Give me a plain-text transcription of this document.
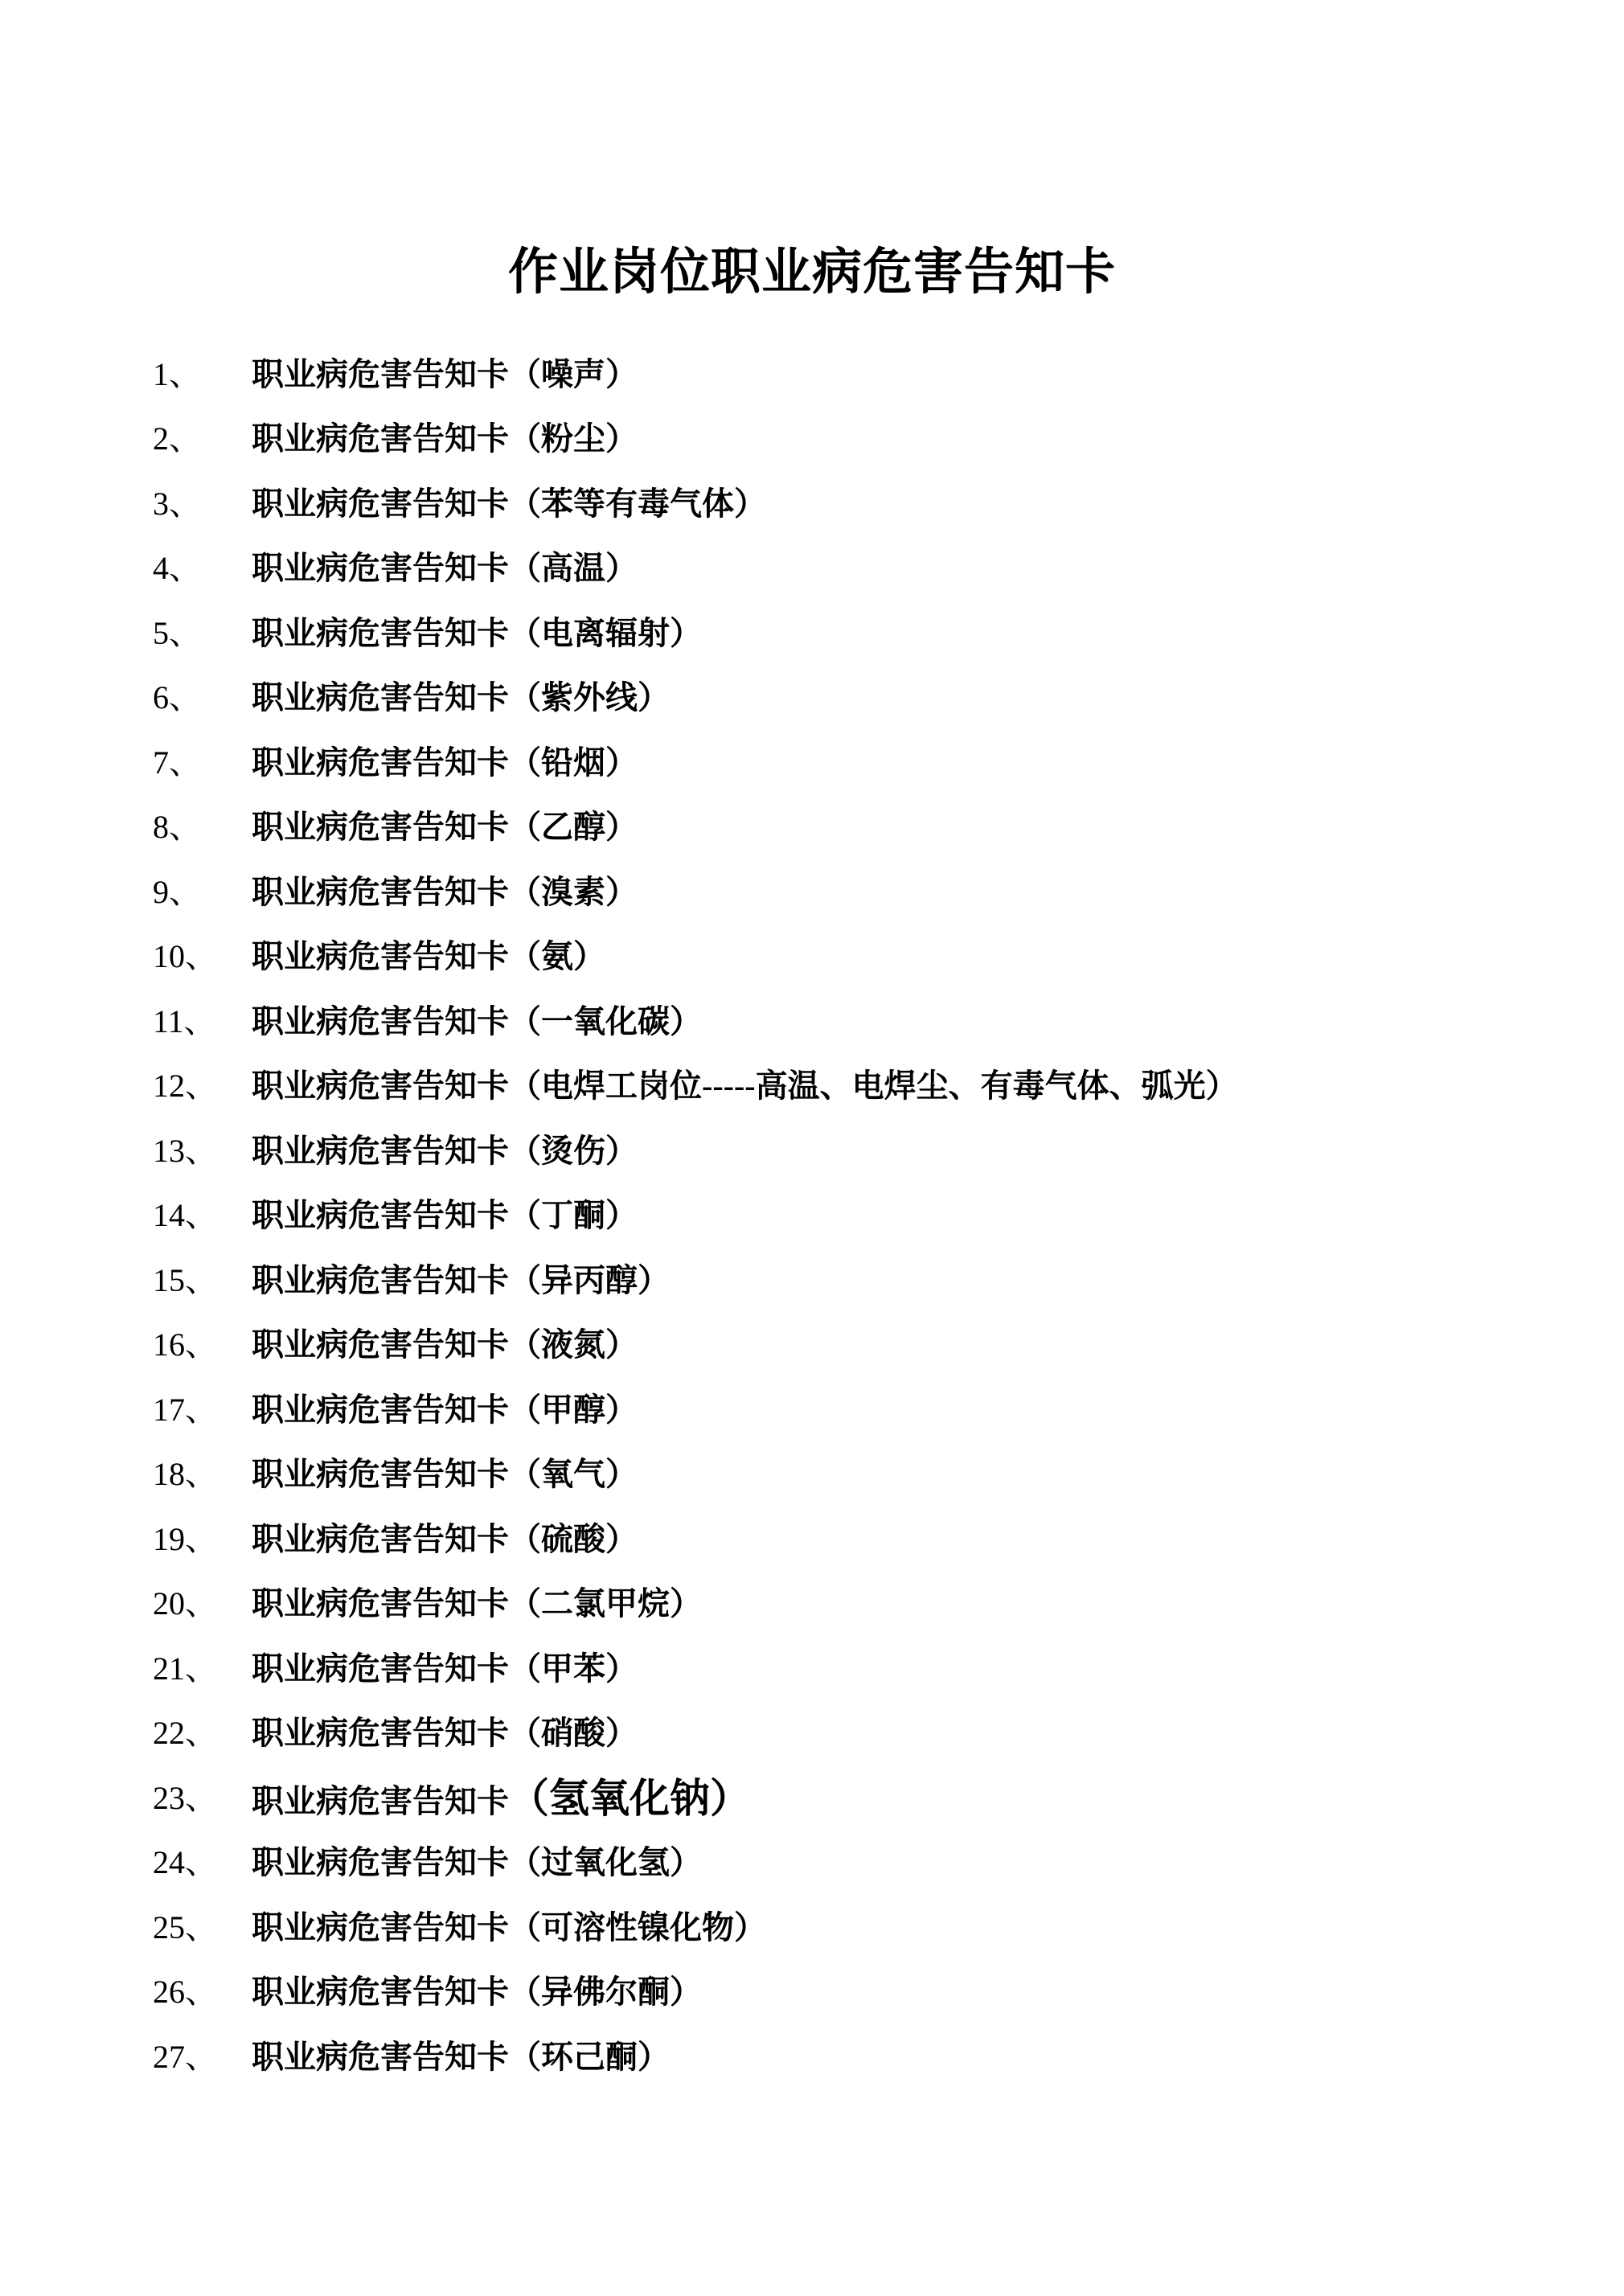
作业岗位职业病危害告知卡
1、	职业病危害告知卡（噪声）
2、	职业病危害告知卡（粉尘）
3、	职业病危害告知卡（苯等有毒气体）
4、	职业病危害告知卡（高温）
5、	职业病危害告知卡（电离辐射）
6、	职业病危害告知卡（紫外线）
7、	职业病危害告知卡（铅烟）
8、	职业病危害告知卡（乙醇）
9、	职业病危害告知卡（溴素）
10、	职业病危害告知卡（氨）
11、	职业病危害告知卡（一氧化碳）
12、	职业病危害告知卡（电焊工岗位-----高温、电焊尘、有毒气体、弧光）
13、	职业病危害告知卡（烫伤）
14、	职业病危害告知卡（丁酮）
15、	职业病危害告知卡（异丙醇）
16、	职业病危害告知卡（液氮）
17、	职业病危害告知卡（甲醇）
18、	职业病危害告知卡（氧气）
19、	职业病危害告知卡（硫酸）
20、	职业病危害告知卡（二氯甲烷）
21、	职业病危害告知卡（甲苯）
22、	职业病危害告知卡（硝酸）
23、	职业病危害告知卡（氢氧化钠）
24、	职业病危害告知卡（过氧化氢）
25、	职业病危害告知卡（可溶性镍化物）
26、	职业病危害告知卡（异佛尔酮）
27、	职业病危害告知卡（环己酮）
